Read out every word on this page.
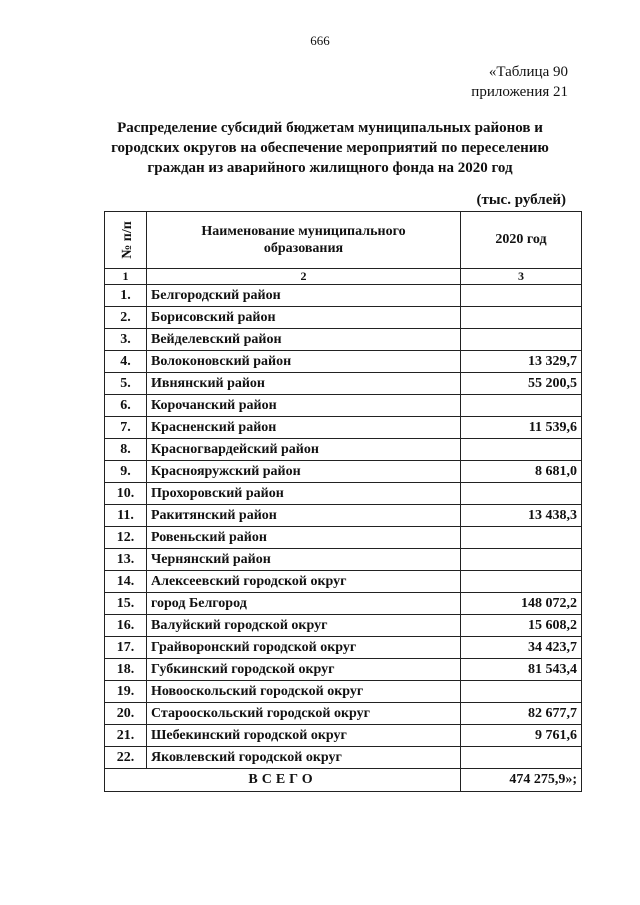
666
«Таблица 90
приложения 21
Распределение субсидий бюджетам муниципальных районов и
городских округов на обеспечение мероприятий по переселению
граждан из аварийного жилищного фонда на 2020 год
(тыс. рублей)
№ п/п	Наименование муниципального
образования	2020 год
1	2	3
1.	Белгородский район	
2.	Борисовский район	
3.	Вейделевский район	
4.	Волоконовский район	13 329,7
5.	Ивнянский район	55 200,5
6.	Корочанский район	
7.	Красненский район	11 539,6
8.	Красногвардейский район	
9.	Краснояружский район	8 681,0
10.	Прохоровский район	
11.	Ракитянский район	13 438,3
12.	Ровеньский район	
13.	Чернянский район	
14.	Алексеевский городской округ	
15.	город Белгород	148 072,2
16.	Валуйский городской округ	15 608,2
17.	Грайворонский городской округ	34 423,7
18.	Губкинский городской округ	81 543,4
19.	Новооскольский городской округ	
20.	Старооскольский городской округ	82 677,7
21.	Шебекинский городской округ	9 761,6
22.	Яковлевский городской округ	
ВСЕГО		474 275,9»;
